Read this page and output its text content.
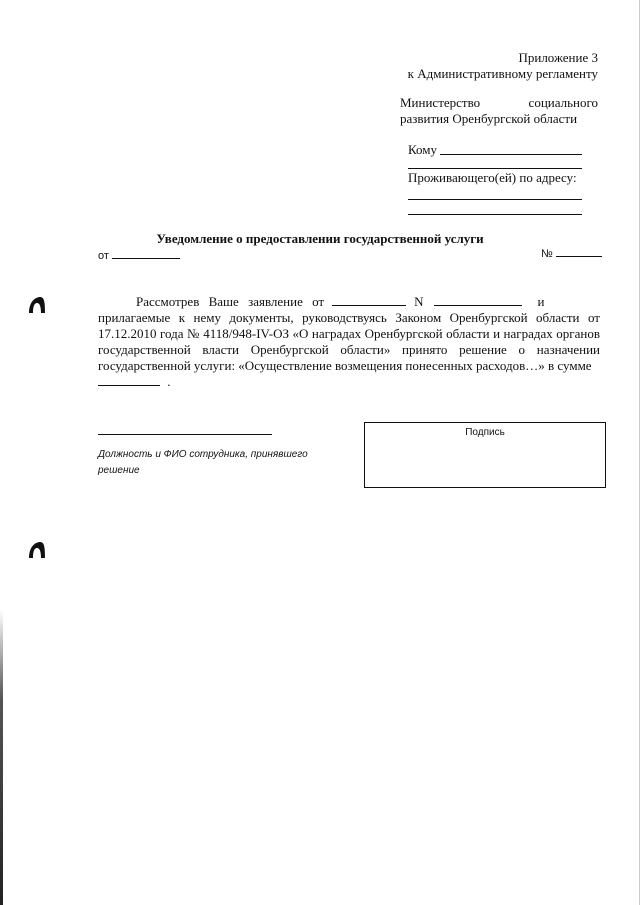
Приложение 3
к Административному регламенту
Министерство	социального
развития Оренбургской области
Кому
Проживающего(ей) по адресу:
Уведомление о предоставлении государственной услуги
от	№
Рассмотрев Ваше заявление от	N	и
прилагаемые к нему документы, руководствуясь Законом Оренбургской области от 17.12.2010 года № 4118/948-IV-ОЗ «О наградах Оренбургской области и наградах органов государственной власти Оренбургской области» принято решение о назначении государственной услуги: «Осуществление возмещения понесенных расходов…» в сумме
.
Должность и ФИО сотрудника, принявшего решение
Подпись
